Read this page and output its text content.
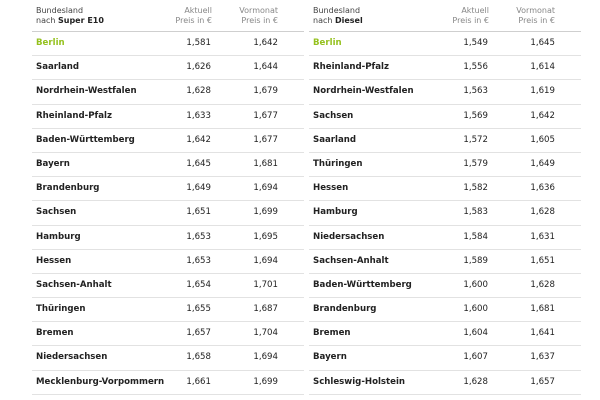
Bundesland
nach Super E10
Aktuell
Preis in €
Vormonat
Preis in €
Berlin	1,581	1,642
Saarland	1,626	1,644
Nordrhein-Westfalen	1,628	1,679
Rheinland-Pfalz	1,633	1,677
Baden-Württemberg	1,642	1,677
Bayern	1,645	1,681
Brandenburg	1,649	1,694
Sachsen	1,651	1,699
Hamburg	1,653	1,695
Hessen	1,653	1,694
Sachsen-Anhalt	1,654	1,701
Thüringen	1,655	1,687
Bremen	1,657	1,704
Niedersachsen	1,658	1,694
Mecklenburg-Vorpommern	1,661	1,699
Bundesland
nach Diesel
Aktuell
Preis in €
Vormonat
Preis in €
Berlin	1,549	1,645
Rheinland-Pfalz	1,556	1,614
Nordrhein-Westfalen	1,563	1,619
Sachsen	1,569	1,642
Saarland	1,572	1,605
Thüringen	1,579	1,649
Hessen	1,582	1,636
Hamburg	1,583	1,628
Niedersachsen	1,584	1,631
Sachsen-Anhalt	1,589	1,651
Baden-Württemberg	1,600	1,628
Brandenburg	1,600	1,681
Bremen	1,604	1,641
Bayern	1,607	1,637
Schleswig-Holstein	1,628	1,657
